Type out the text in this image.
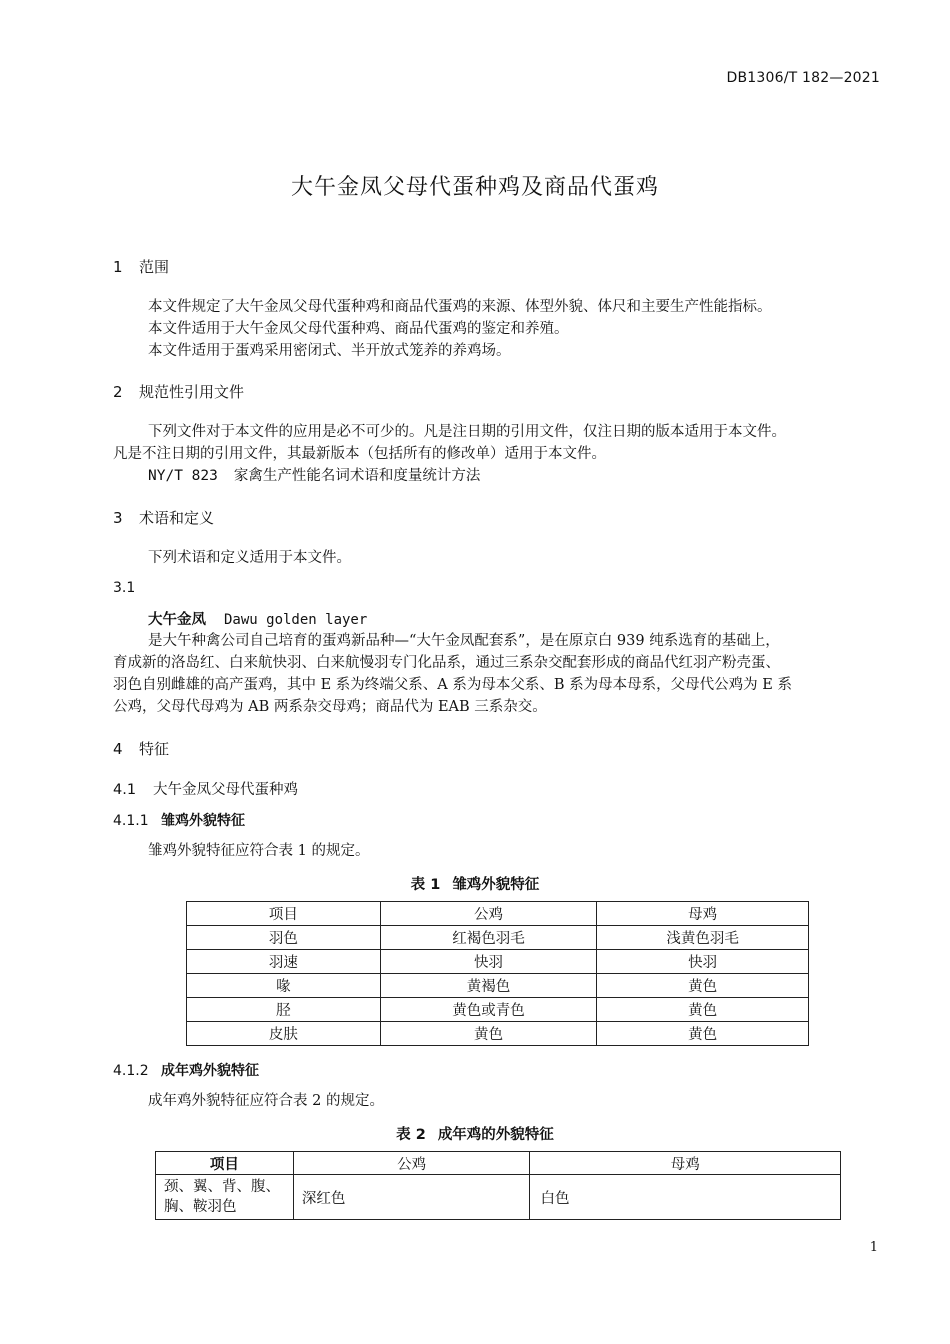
DB1306/T 182—2021
大午金凤父母代蛋种鸡及商品代蛋鸡
1 范围

本文件规定了大午金凤父母代蛋种鸡和商品代蛋鸡的来源、体型外貌、体尺和主要生产性能指标。

本文件适用于大午金凤父母代蛋种鸡、商品代蛋鸡的鉴定和养殖。

本文件适用于蛋鸡采用密闭式、半开放式笼养的养鸡场。

2 规范性引用文件

下列文件对于本文件的应用是必不可少的。凡是注日期的引用文件，仅注日期的版本适用于本文件。

凡是不注日期的引用文件，其最新版本（包括所有的修改单）适用于本文件。

NY/T 823 家禽生产性能名词术语和度量统计方法

3 术语和定义
下列术语和定义适用于本文件。
3.1
大午金凤 Dawu golden layer

是大午种禽公司自己培育的蛋鸡新品种—“大午金凤配套系”，是在原京白 939 纯系选育的基础上，

育成新的洛岛红、白来航快羽、白来航慢羽专门化品系，通过三系杂交配套形成的商品代红羽产粉壳蛋、

羽色自别雌雄的高产蛋鸡，其中 E 系为终端父系、A 系为母本父系、B 系为母本母系，父母代公鸡为 E 系

公鸡，父母代母鸡为 AB 两系杂交母鸡；商品代为 EAB 三系杂交。

4 特征
4.1 大午金凤父母代蛋种鸡
4.1.1 雏鸡外貌特征
雏鸡外貌特征应符合表 1 的规定。
表 1 雏鸡外貌特征
项目	公鸡	母鸡
羽色	红褐色羽毛	浅黄色羽毛
羽速	快羽	快羽
喙	黄褐色	黄色
胫	黄色或青色	黄色
皮肤	黄色	黄色
4.1.2 成年鸡外貌特征
成年鸡外貌特征应符合表 2 的规定。
表 2 成年鸡的外貌特征
项目	公鸡	母鸡

颈、翼、背、腹、
胸、鞍羽色	深红色	白色
1
